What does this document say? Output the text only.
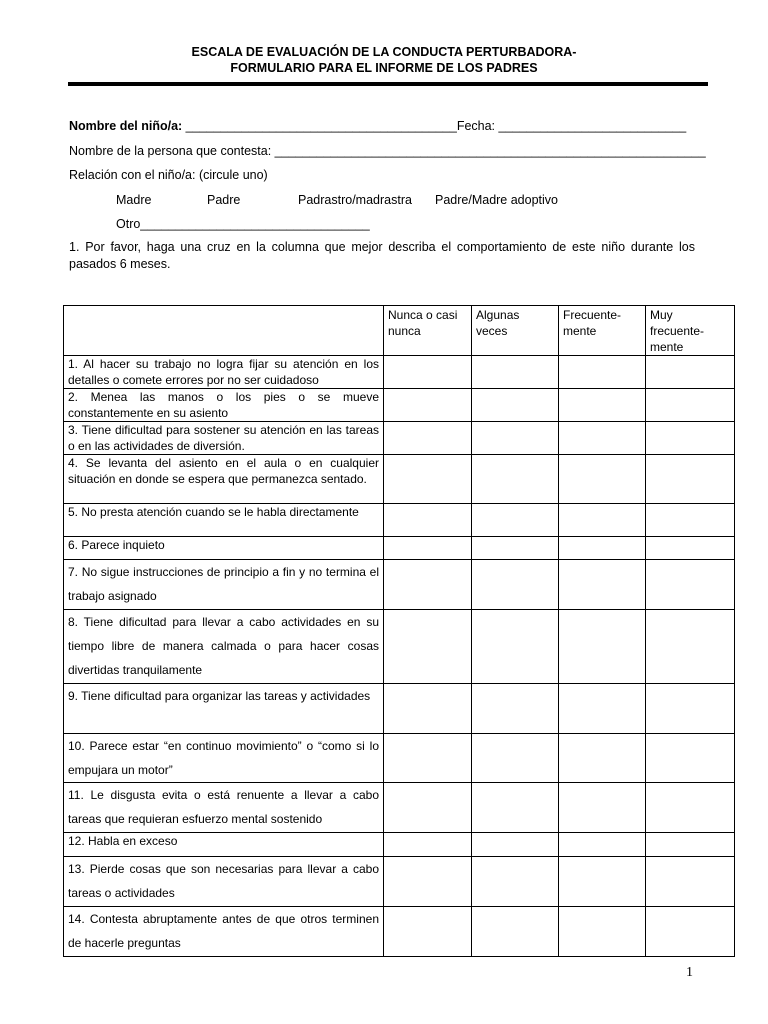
ESCALA DE EVALUACIÓN DE LA CONDUCTA PERTURBADORA-
FORMULARIO PARA EL INFORME DE LOS PADRES
Nombre del niño/a: _______________________________________Fecha: ___________________________
Nombre de la persona que contesta: ______________________________________________________________
Relación con el niño/a: (circule uno)
Madre	Padre	Padrastro/madrastra Padre/Madre adoptivo
Otro_________________________________
1. Por favor, haga una cruz en la columna que mejor describa el comportamiento de este niño durante los pasados 6 meses.
	Nunca o casi nunca	Algunas veces	Frecuente-mente	Muy frecuente-mente
1. Al hacer su trabajo no logra fijar su atención en los detalles o comete errores por no ser cuidadoso				
2. Menea las manos o los pies o se mueve constantemente en su asiento				
3. Tiene dificultad para sostener su atención en las tareas o en las actividades de diversión.				
4. Se levanta del asiento en el aula o en cualquier situación en donde se espera que permanezca sentado.				
5. No presta atención cuando se le habla directamente				
6. Parece inquieto				
7. No sigue instrucciones de principio a fin y no termina el trabajo asignado				
8. Tiene dificultad para llevar a cabo actividades en su tiempo libre de manera calmada o para hacer cosas divertidas tranquilamente				
9. Tiene dificultad para organizar las tareas y actividades				
10. Parece estar “en continuo movimiento” o “como si lo empujara un motor”				
11. Le disgusta evita o está renuente a llevar a cabo tareas que requieran esfuerzo mental sostenido				
12. Habla en exceso				
13. Pierde cosas que son necesarias para llevar a cabo tareas o actividades				
14. Contesta abruptamente antes de que otros terminen de hacerle preguntas				
1
